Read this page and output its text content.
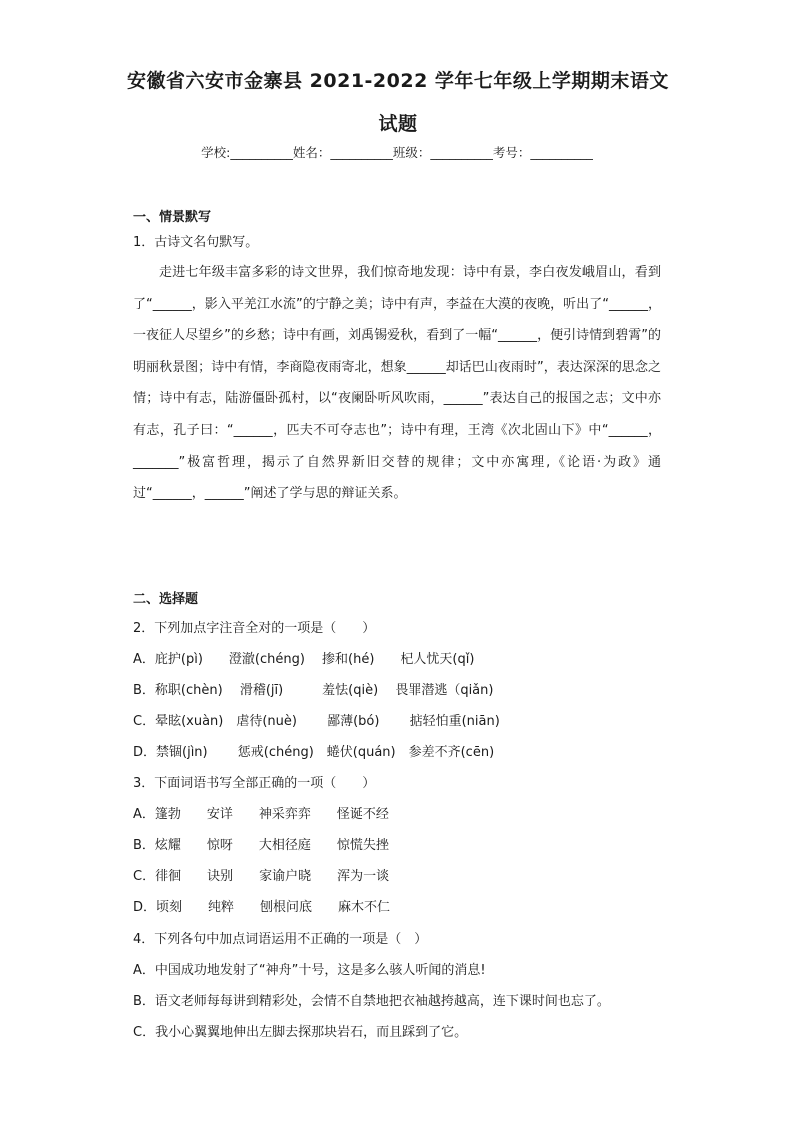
安徽省六安市金寨县 2021-2022 学年七年级上学期期末语文
试题
学校:__________姓名：__________班级：__________考号：__________
一、情景默写
1．古诗文名句默写。
走进七年级丰富多彩的诗文世界，我们惊奇地发现：诗中有景，李白夜发峨眉山，看到了“______，影入平羌江水流”的宁静之美；诗中有声，李益在大漠的夜晚，听出了“______，一夜征人尽望乡”的乡愁；诗中有画，刘禹锡爱秋，看到了一幅“______，便引诗情到碧霄”的明丽秋景图；诗中有情，李商隐夜雨寄北，想象______却话巴山夜雨时”，表达深深的思念之情；诗中有志，陆游僵卧孤村，以“夜阑卧听风吹雨，______”表达自己的报国之志；文中亦有志，孔子曰：“______，匹夫不可夺志也”；诗中有理，王湾《次北固山下》中“______，_______”极富哲理，揭示了自然界新旧交替的规律；文中亦寓理,《论语·为政》通过“______，______”阐述了学与思的辩证关系。
二、选择题
2．下列加点字注音全对的一项是（　　）
A．庇护(pì)　　澄澈(chéng)　 掺和(hé)　　杞人忧天(qǐ)
B．称职(chèn)　 滑稽(jī)　　　羞怯(qiè)　 畏罪潜逃（qiǎn)
C．晕眩(xuàn)　虐待(nuè)　　 鄙薄(bó)　　 掂轻怕重(niān)
D．禁锢(jìn)　　 惩戒(chéng)　蜷伏(quán)　参差不齐(cēn)
3．下面词语书写全部正确的一项（　　）
A．篷勃　　安详　　神采弈弈　　怪诞不经
B．炫耀　　惊呀　　大相径庭　　惊慌失挫
C．徘徊　　诀别　　家谕户晓　　浑为一谈
D．顷刻　　纯粹　　刨根问底　　麻木不仁
4．下列各句中加点词语运用不正确的一项是（　）
A．中国成功地发射了“神舟”十号，这是多么骇人听闻的消息!
B．语文老师每每讲到精彩处，会情不自禁地把衣袖越挎越高，连下课时间也忘了。
C．我小心翼翼地伸出左脚去探那块岩石，而且踩到了它。
